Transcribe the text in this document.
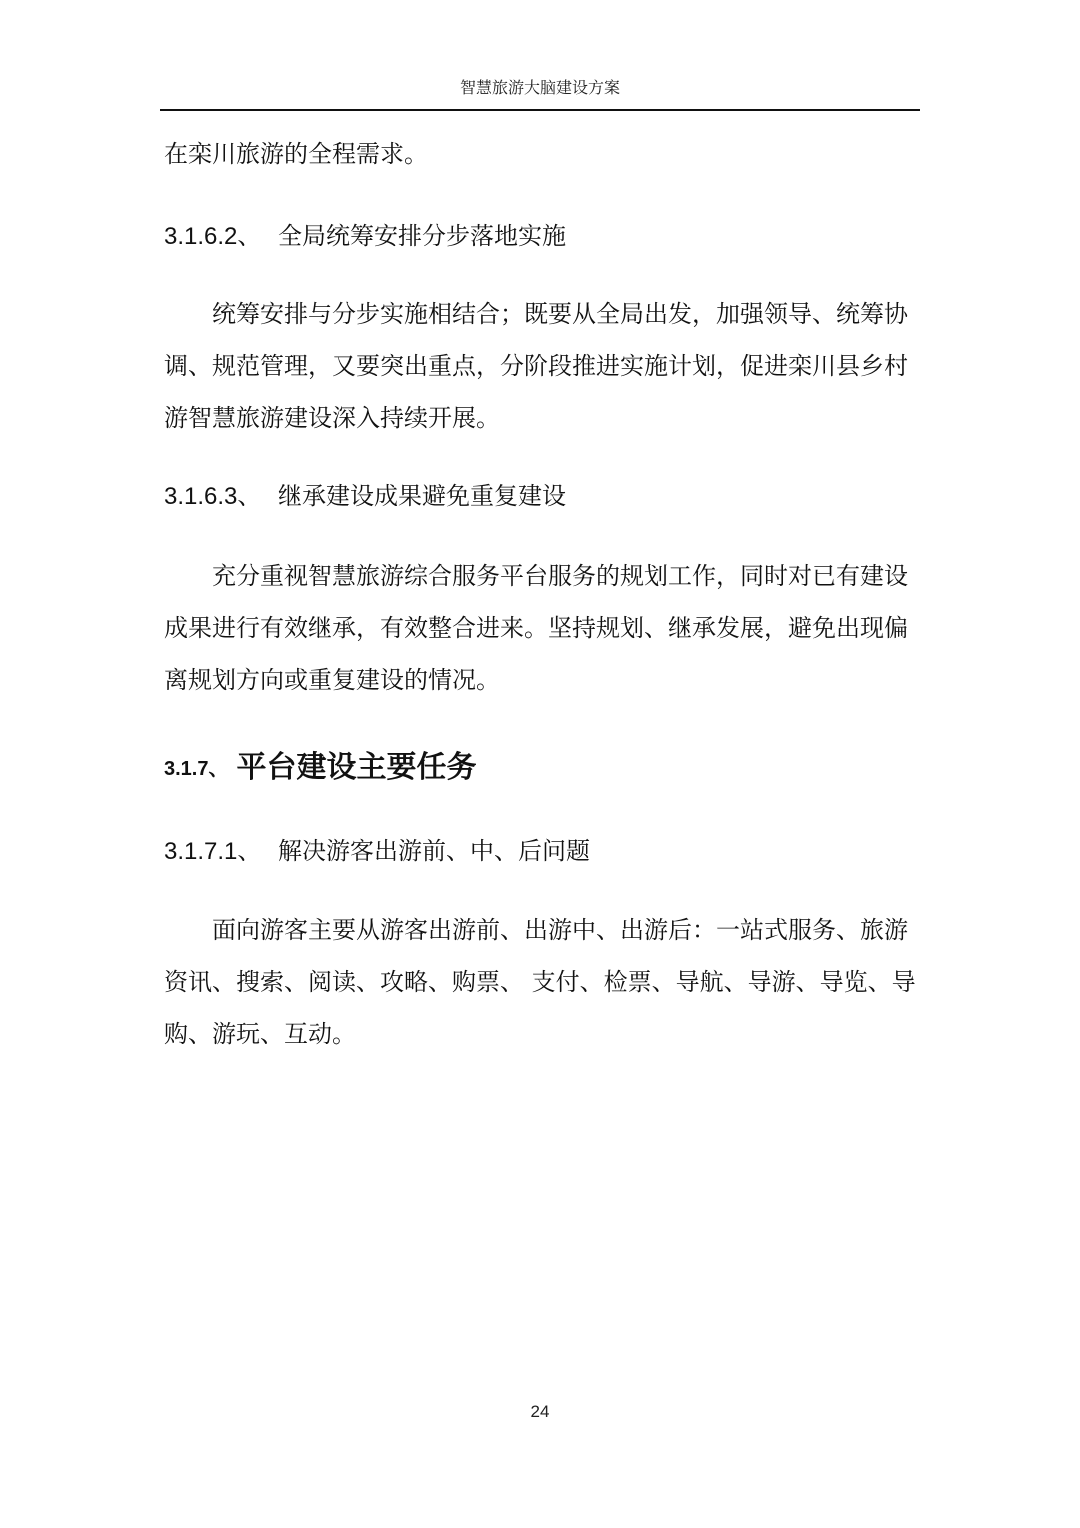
智慧旅游大脑建设方案

在栾川旅游的全程需求。

3.1.6.2、 全局统筹安排分步落地实施

统筹安排与分步实施相结合；既要从全局出发，加强领导、统筹协调、规范管理，又要突出重点，分阶段推进实施计划，促进栾川县乡村游智慧旅游建设深入持续开展。

3.1.6.3、 继承建设成果避免重复建设

充分重视智慧旅游综合服务平台服务的规划工作，同时对已有建设成果进行有效继承，有效整合进来。坚持规划、继承发展，避免出现偏离规划方向或重复建设的情况。

3.1.7、 平台建设主要任务
3.1.7.1、 解决游客出游前、中、后问题

面向游客主要从游客出游前、出游中、出游后：一站式服务、旅游资讯、搜索、阅读、攻略、购票、 支付、检票、导航、导游、导览、导购、游玩、互动。

24
